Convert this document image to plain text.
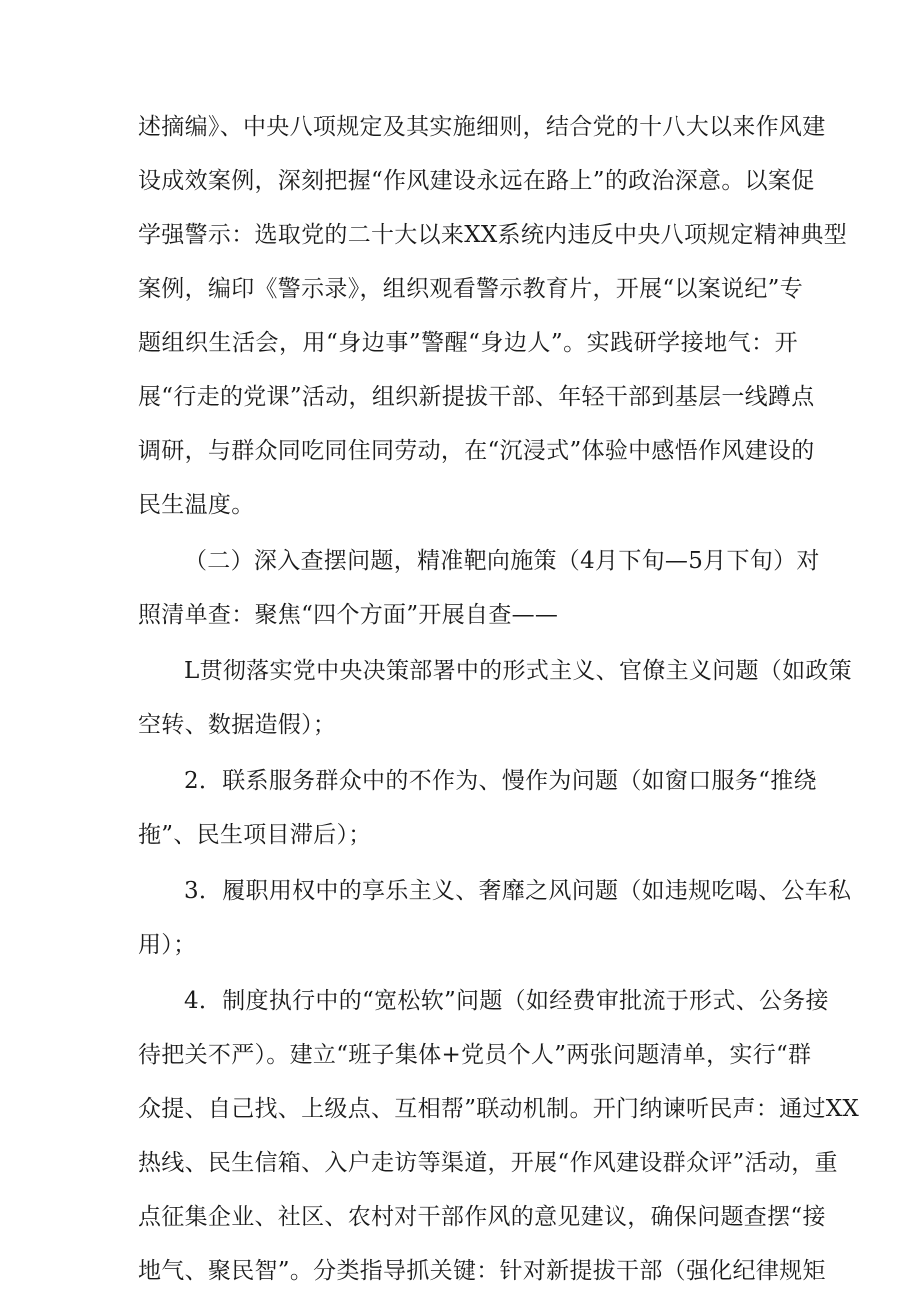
述摘编》、中央八项规定及其实施细则，结合党的十八大以来作风建
设成效案例，深刻把握“作风建设永远在路上”的政治深意。以案促
学强警示：选取党的二十大以来XX系统内违反中央八项规定精神典型
案例，编印《警示录》，组织观看警示教育片，开展“以案说纪”专
题组织生活会，用“身边事”警醒“身边人”。实践研学接地气：开
展“行走的党课”活动，组织新提拔干部、年轻干部到基层一线蹲点
调研，与群众同吃同住同劳动，在“沉浸式”体验中感悟作风建设的
民生温度。

（二）深入查摆问题，精准靶向施策（4月下旬—5月下旬）对
照清单查：聚焦“四个方面”开展自查——

L贯彻落实党中央决策部署中的形式主义、官僚主义问题（如政策
空转、数据造假）；

2．联系服务群众中的不作为、慢作为问题（如窗口服务“推绕
拖”、民生项目滞后）；

3．履职用权中的享乐主义、奢靡之风问题（如违规吃喝、公车私
用）；

4．制度执行中的“宽松软”问题（如经费审批流于形式、公务接
待把关不严）。建立“班子集体+党员个人”两张问题清单，实行“群
众提、自己找、上级点、互相帮”联动机制。开门纳谏听民声：通过XX
热线、民生信箱、入户走访等渠道，开展“作风建设群众评”活动，重
点征集企业、社区、农村对干部作风的意见建议，确保问题查摆“接
地气、聚民智”。分类指导抓关键：针对新提拔干部（强化纪律规矩
